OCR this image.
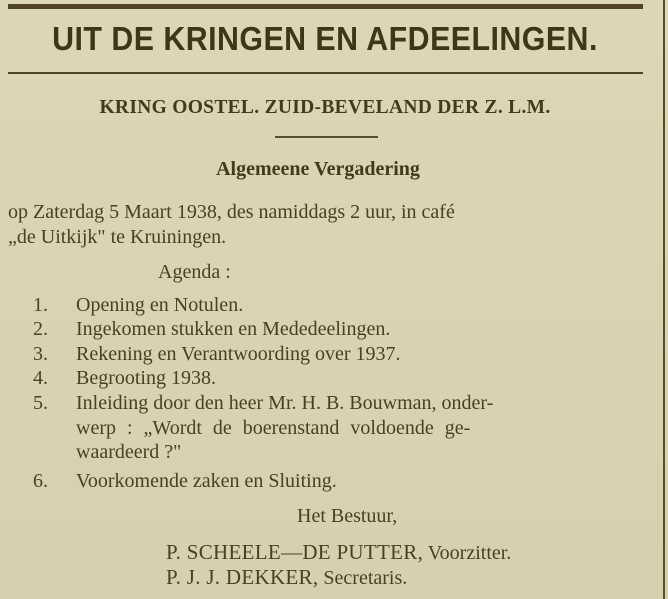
UIT DE KRINGEN EN AFDEELINGEN.
KRING OOSTEL. ZUID-BEVELAND DER Z. L.M.
Algemeene Vergadering
op Zaterdag 5 Maart 1938, des namiddags 2 uur, in café
„de Uitkijk" te Kruiningen.
Agenda :
1. Opening en Notulen.
2. Ingekomen stukken en Mededeelingen.
3. Rekening en Verantwoording over 1937.
4. Begrooting 1938.
5. Inleiding door den heer Mr. H. B. Bouwman, onder-
werp : „Wordt de boerenstand voldoende ge-
waardeerd ?"
6. Voorkomende zaken en Sluiting.
Het Bestuur,
P. SCHEELE—DE PUTTER, Voorzitter.
P. J. J. DEKKER, Secretaris.
